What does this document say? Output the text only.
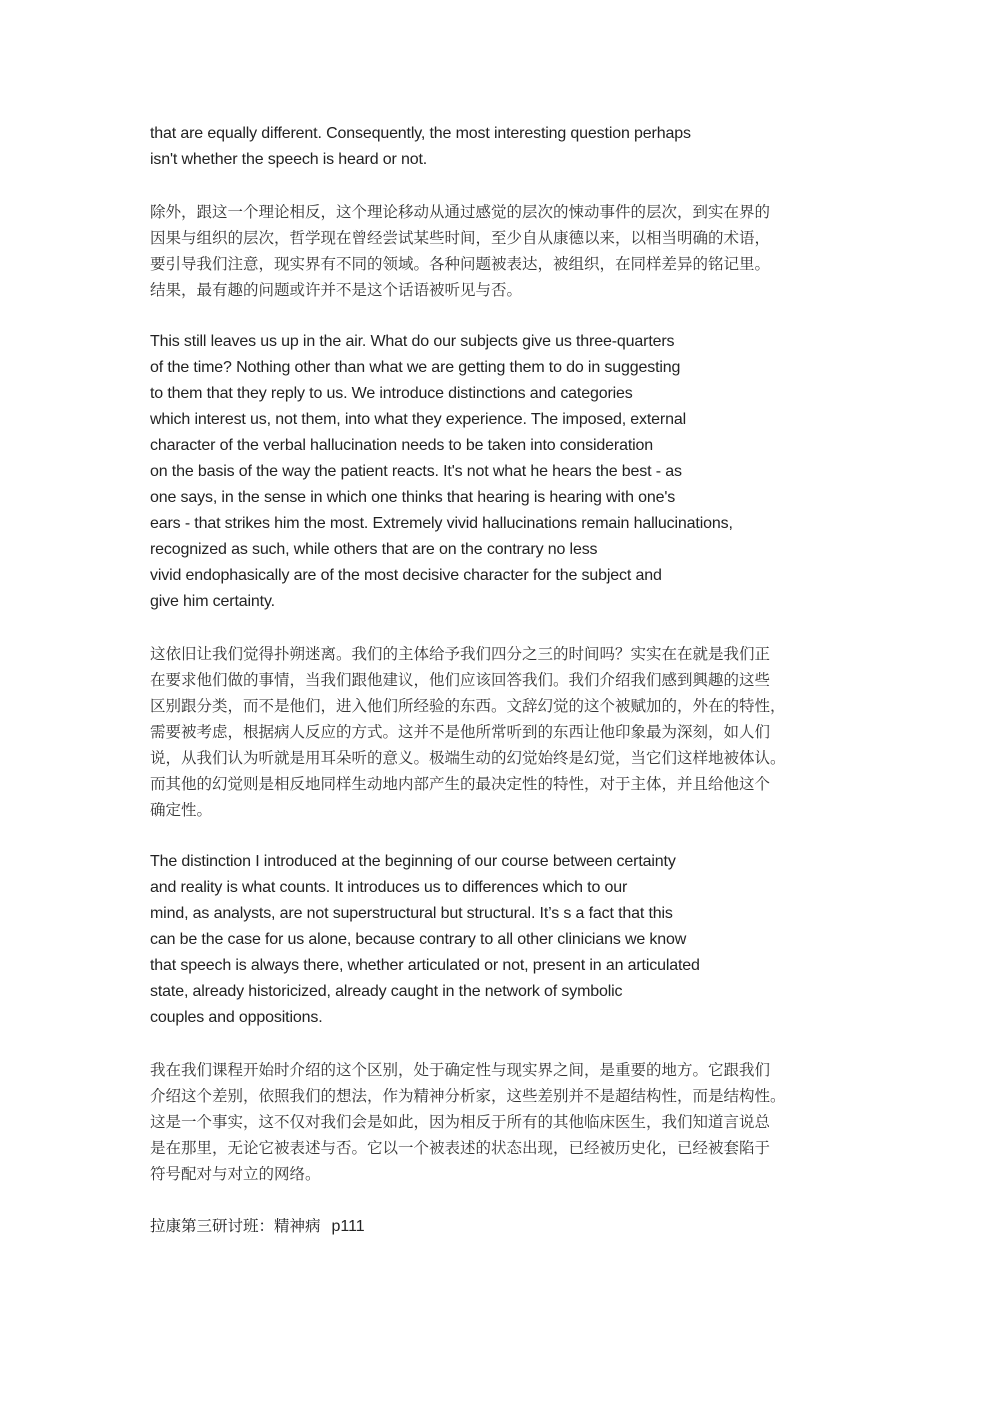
that are equally different. Consequently, the most interesting question perhaps
isn't whether the speech is heard or not.
除外，跟这一个理论相反，这个理论移动从通过感觉的层次的悚动事件的层次，到实在界的
因果与组织的层次，哲学现在曾经尝试某些时间，至少自从康德以来，以相当明确的术语，
要引导我们注意，现实界有不同的领域。各种问题被表达，被组织，在同样差异的铭记里。
结果，最有趣的问题或许并不是这个话语被听见与否。
This still leaves us up in the air. What do our subjects give us three-quarters
of the time? Nothing other than what we are getting them to do in suggesting
to them that they reply to us. We introduce distinctions and categories
which interest us, not them, into what they experience. The imposed, external
character of the verbal hallucination needs to be taken into consideration
on the basis of the way the patient reacts. It's not what he hears the best - as
one says, in the sense in which one thinks that hearing is hearing with one's
ears - that strikes him the most. Extremely vivid hallucinations remain hallucinations,
recognized as such, while others that are on the contrary no less
vivid endophasically are of the most decisive character for the subject and
give him certainty.
这依旧让我们觉得扑朔迷离。我们的主体给予我们四分之三的时间吗？实实在在就是我们正
在要求他们做的事情，当我们跟他建议，他们应该回答我们。我们介绍我们感到興趣的这些
区别跟分类，而不是他们，进入他们所经验的东西。文辞幻觉的这个被赋加的，外在的特性，
需要被考虑，根据病人反应的方式。这并不是他所常听到的东西让他印象最为深刻，如人们
说，从我们认为听就是用耳朵听的意义。极端生动的幻觉始终是幻觉，当它们这样地被体认。
而其他的幻觉则是相反地同样生动地内部产生的最决定性的特性，对于主体，并且给他这个
确定性。
The distinction I introduced at the beginning of our course between certainty
and reality is what counts. It introduces us to differences which to our
mind, as analysts, are not superstructural but structural. It’s s a fact that this
can be the case for us alone, because contrary to all other clinicians we know
that speech is always there, whether articulated or not, present in an articulated
state, already historicized, already caught in the network of symbolic
couples and oppositions.
我在我们课程开始时介绍的这个区别，处于确定性与现实界之间，是重要的地方。它跟我们
介绍这个差别，依照我们的想法，作为精神分析家，这些差别并不是超结构性，而是结构性。
这是一个事实，这不仅对我们会是如此，因为相反于所有的其他临床医生，我们知道言说总
是在那里，无论它被表述与否。它以一个被表述的状态出现，已经被历史化，已经被套陷于
符号配对与对立的网络。
拉康第三研讨班：精神病 p111
